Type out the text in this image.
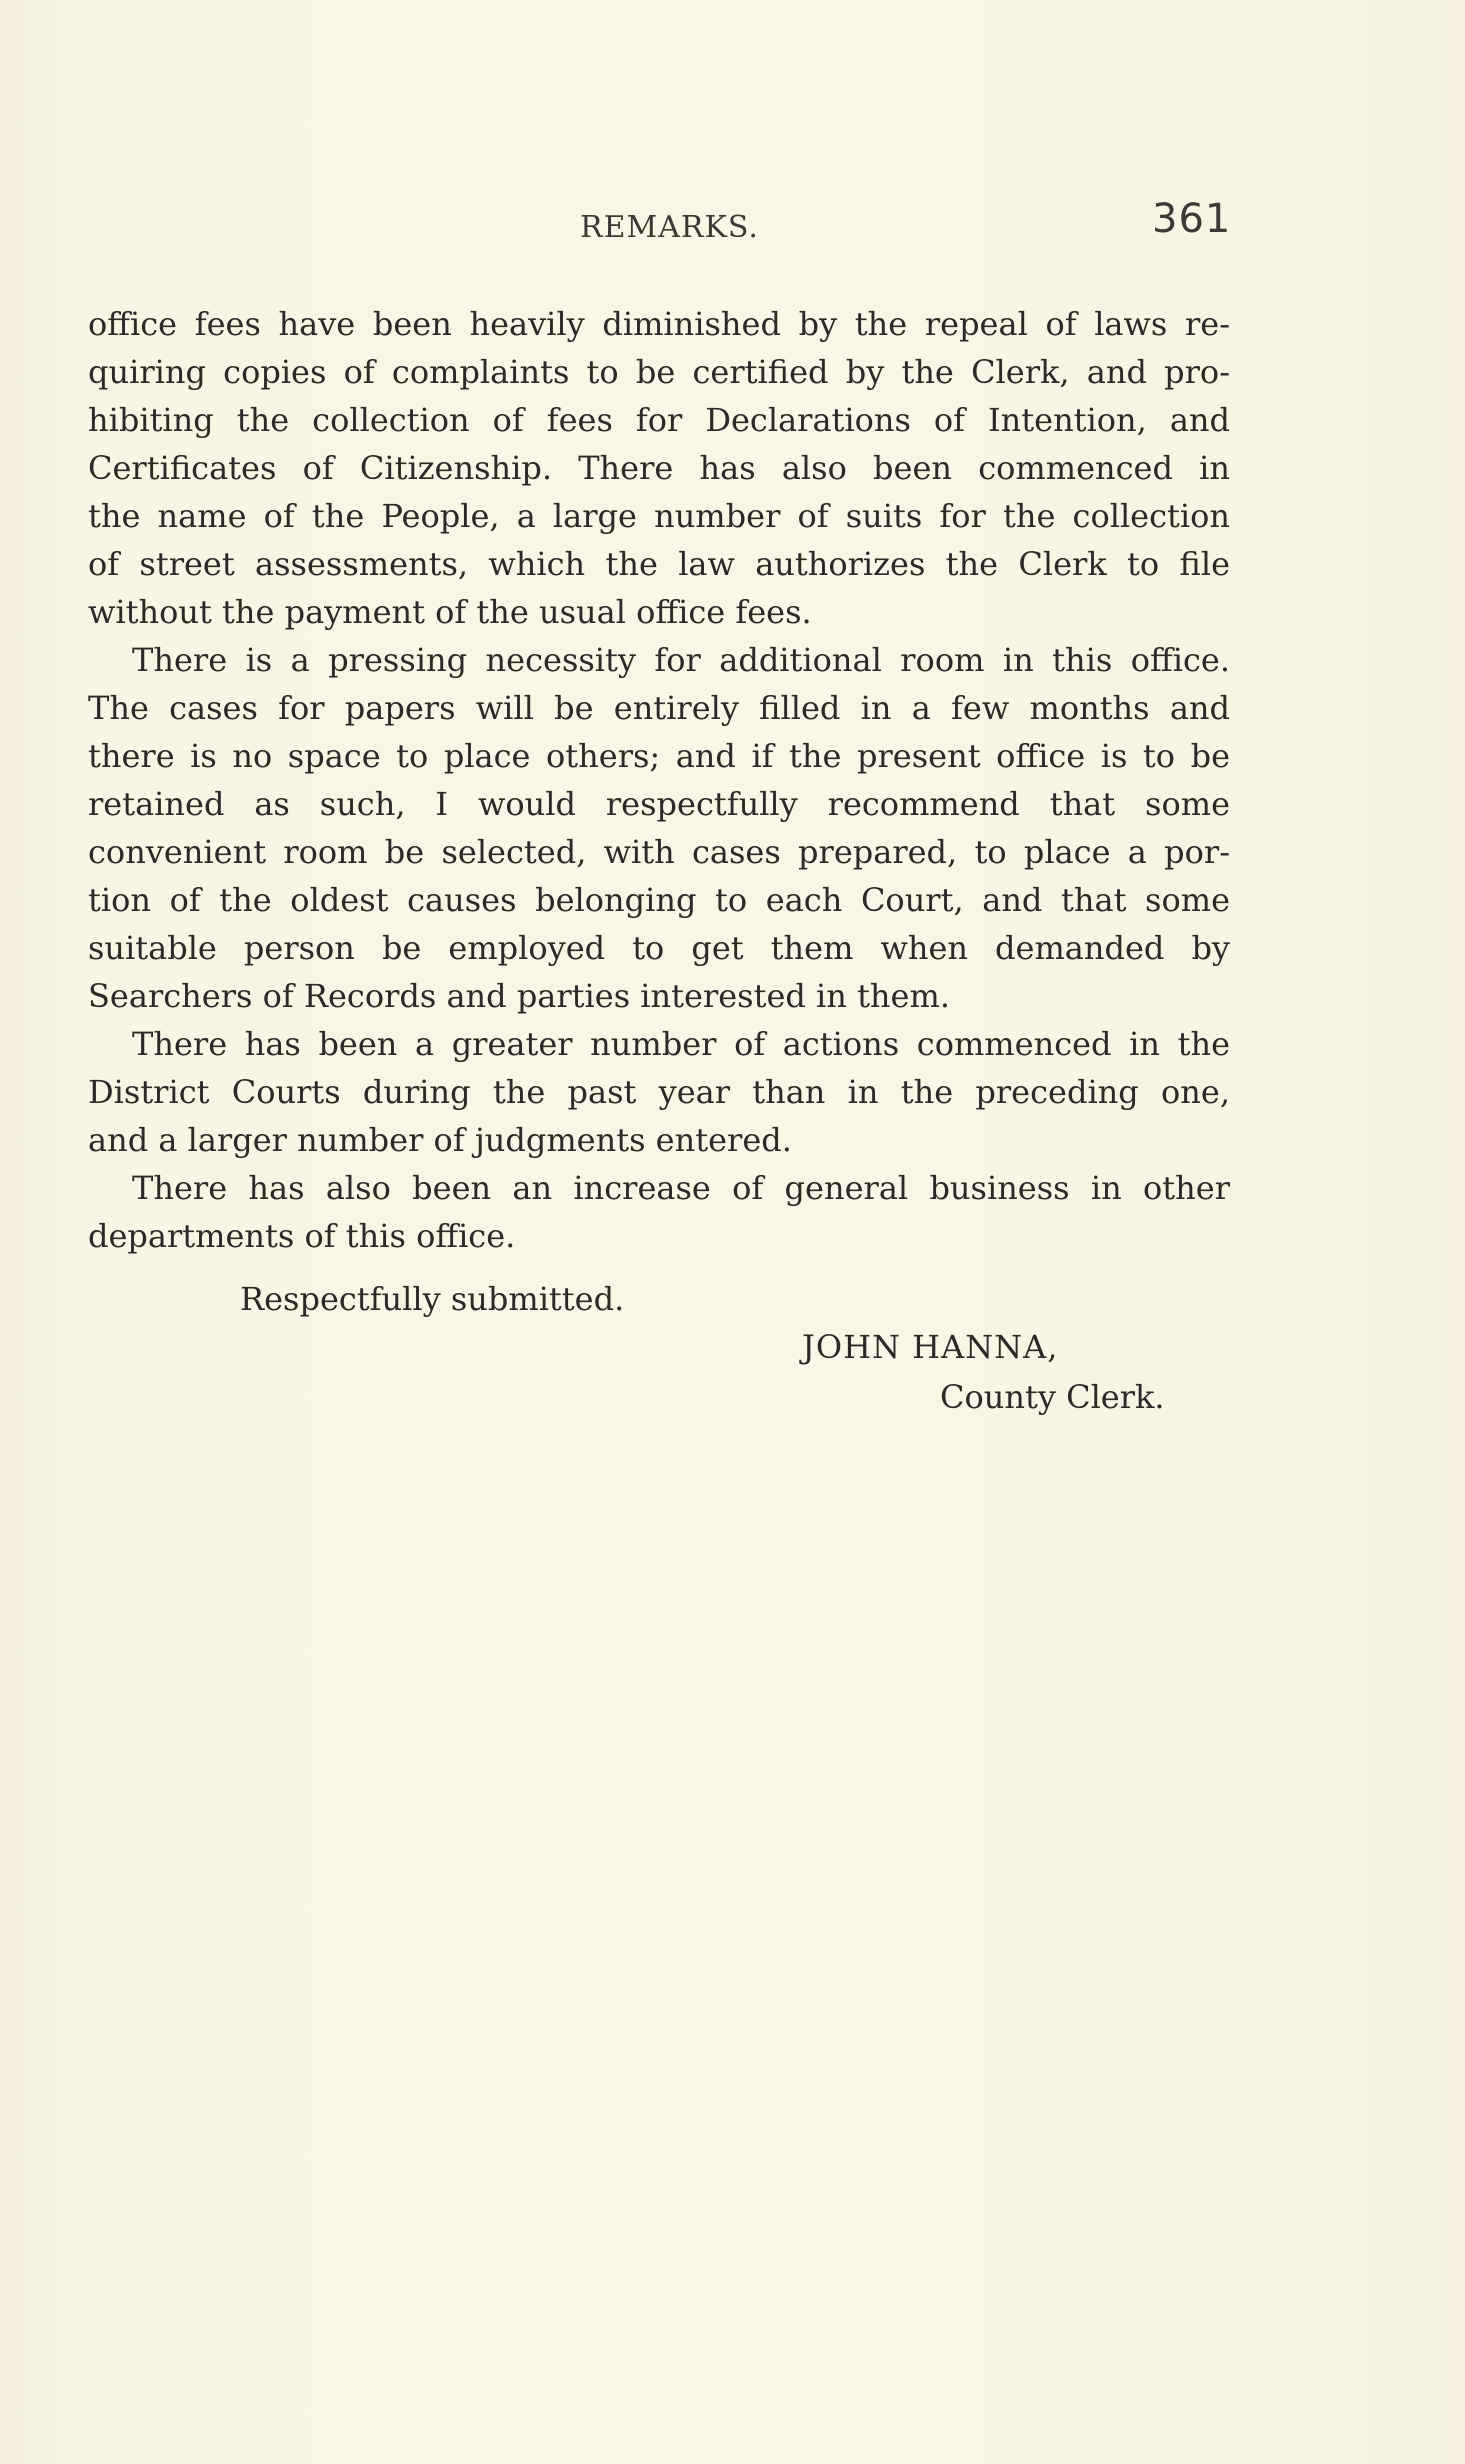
REMARKS.	361
office fees have been heavily diminished by the repeal of laws re-
quiring copies of complaints to be certified by the Clerk, and pro-
hibiting the collection of fees for Declarations of Intention, and
Certificates of Citizenship. There has also been commenced in
the name of the People, a large number of suits for the collection
of street assessments, which the law authorizes the Clerk to file
without the payment of the usual office fees.
There is a pressing necessity for additional room in this office.
The cases for papers will be entirely filled in a few months and
there is no space to place others; and if the present office is to be
retained as such, I would respectfully recommend that some
convenient room be selected, with cases prepared, to place a por-
tion of the oldest causes belonging to each Court, and that some
suitable person be employed to get them when demanded by
Searchers of Records and parties interested in them.
There has been a greater number of actions commenced in the
District Courts during the past year than in the preceding one,
and a larger number of judgments entered.
There has also been an increase of general business in other
departments of this office.
Respectfully submitted.
JOHN HANNA,
County Clerk.
